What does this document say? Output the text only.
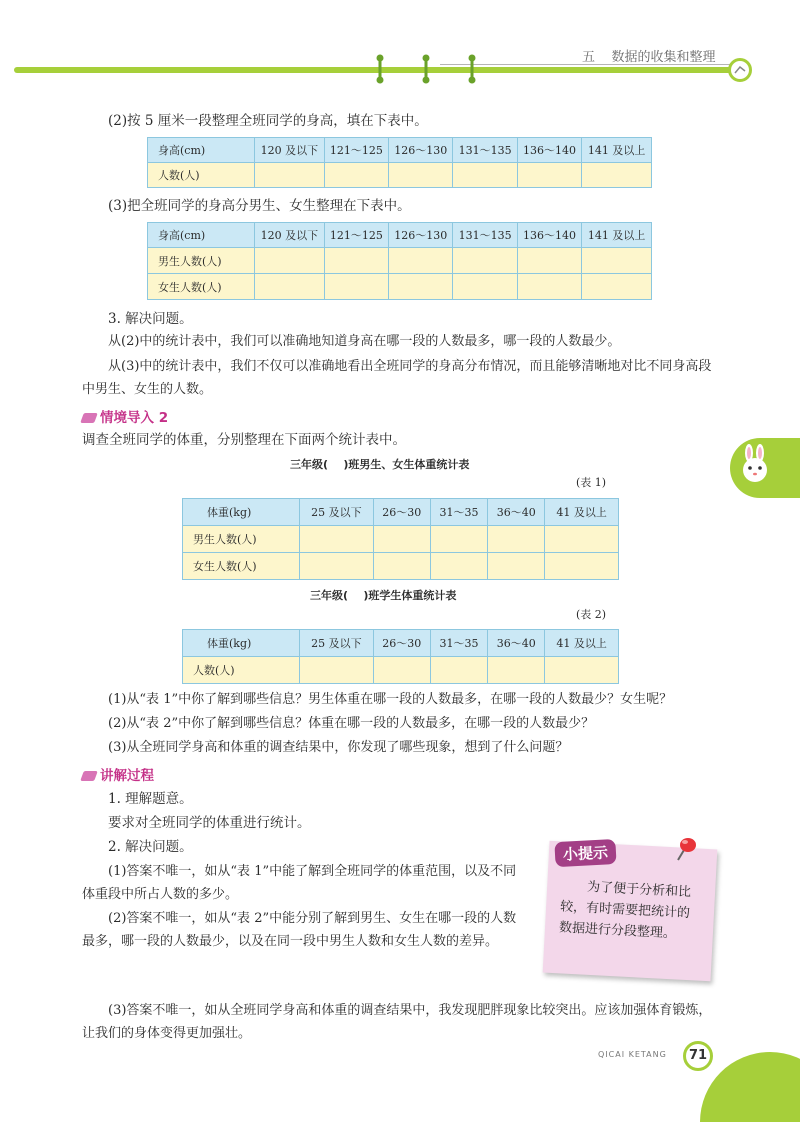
五 数据的收集和整理
(2)按 5 厘米一段整理全班同学的身高，填在下表中。
身高(cm)	120 及以下	121～125	126～130	131～135	136～140	141 及以上
人数(人)						
(3)把全班同学的身高分男生、女生整理在下表中。
身高(cm)	120 及以下	121～125	126～130	131～135	136～140	141 及以上
男生人数(人)						
女生人数(人)						
3. 解决问题。
从(2)中的统计表中，我们可以准确地知道身高在哪一段的人数最多，哪一段的人数最少。
从(3)中的统计表中，我们不仅可以准确地看出全班同学的身高分布情况，而且能够清晰地对比不同身高段中男生、女生的人数。
情境导入 2
调查全班同学的体重，分别整理在下面两个统计表中。
三年级(    )班男生、女生体重统计表
(表 1)
体重(kg)	25 及以下	26～30	31～35	36～40	41 及以上
男生人数(人)					
女生人数(人)					
三年级(    )班学生体重统计表
(表 2)
体重(kg)	25 及以下	26～30	31～35	36～40	41 及以上
人数(人)					
(1)从“表 1”中你了解到哪些信息？男生体重在哪一段的人数最多，在哪一段的人数最少？女生呢？
(2)从“表 2”中你了解到哪些信息？体重在哪一段的人数最多，在哪一段的人数最少？
(3)从全班同学身高和体重的调查结果中，你发现了哪些现象，想到了什么问题？
讲解过程
1. 理解题意。
要求对全班同学的体重进行统计。
2. 解决问题。
(1)答案不唯一，如从“表 1”中能了解到全班同学的体重范围，以及不同体重段中所占人数的多少。
(2)答案不唯一，如从“表 2”中能分别了解到男生、女生在哪一段的人数最多，哪一段的人数最少，以及在同一段中男生人数和女生人数的差异。
(3)答案不唯一，如从全班同学身高和体重的调查结果中，我发现肥胖现象比较突出。应该加强体育锻炼，让我们的身体变得更加强壮。
小提示
为了便于分析和比较，有时需要把统计的数据进行分段整理。
QICAI KETANG	71
